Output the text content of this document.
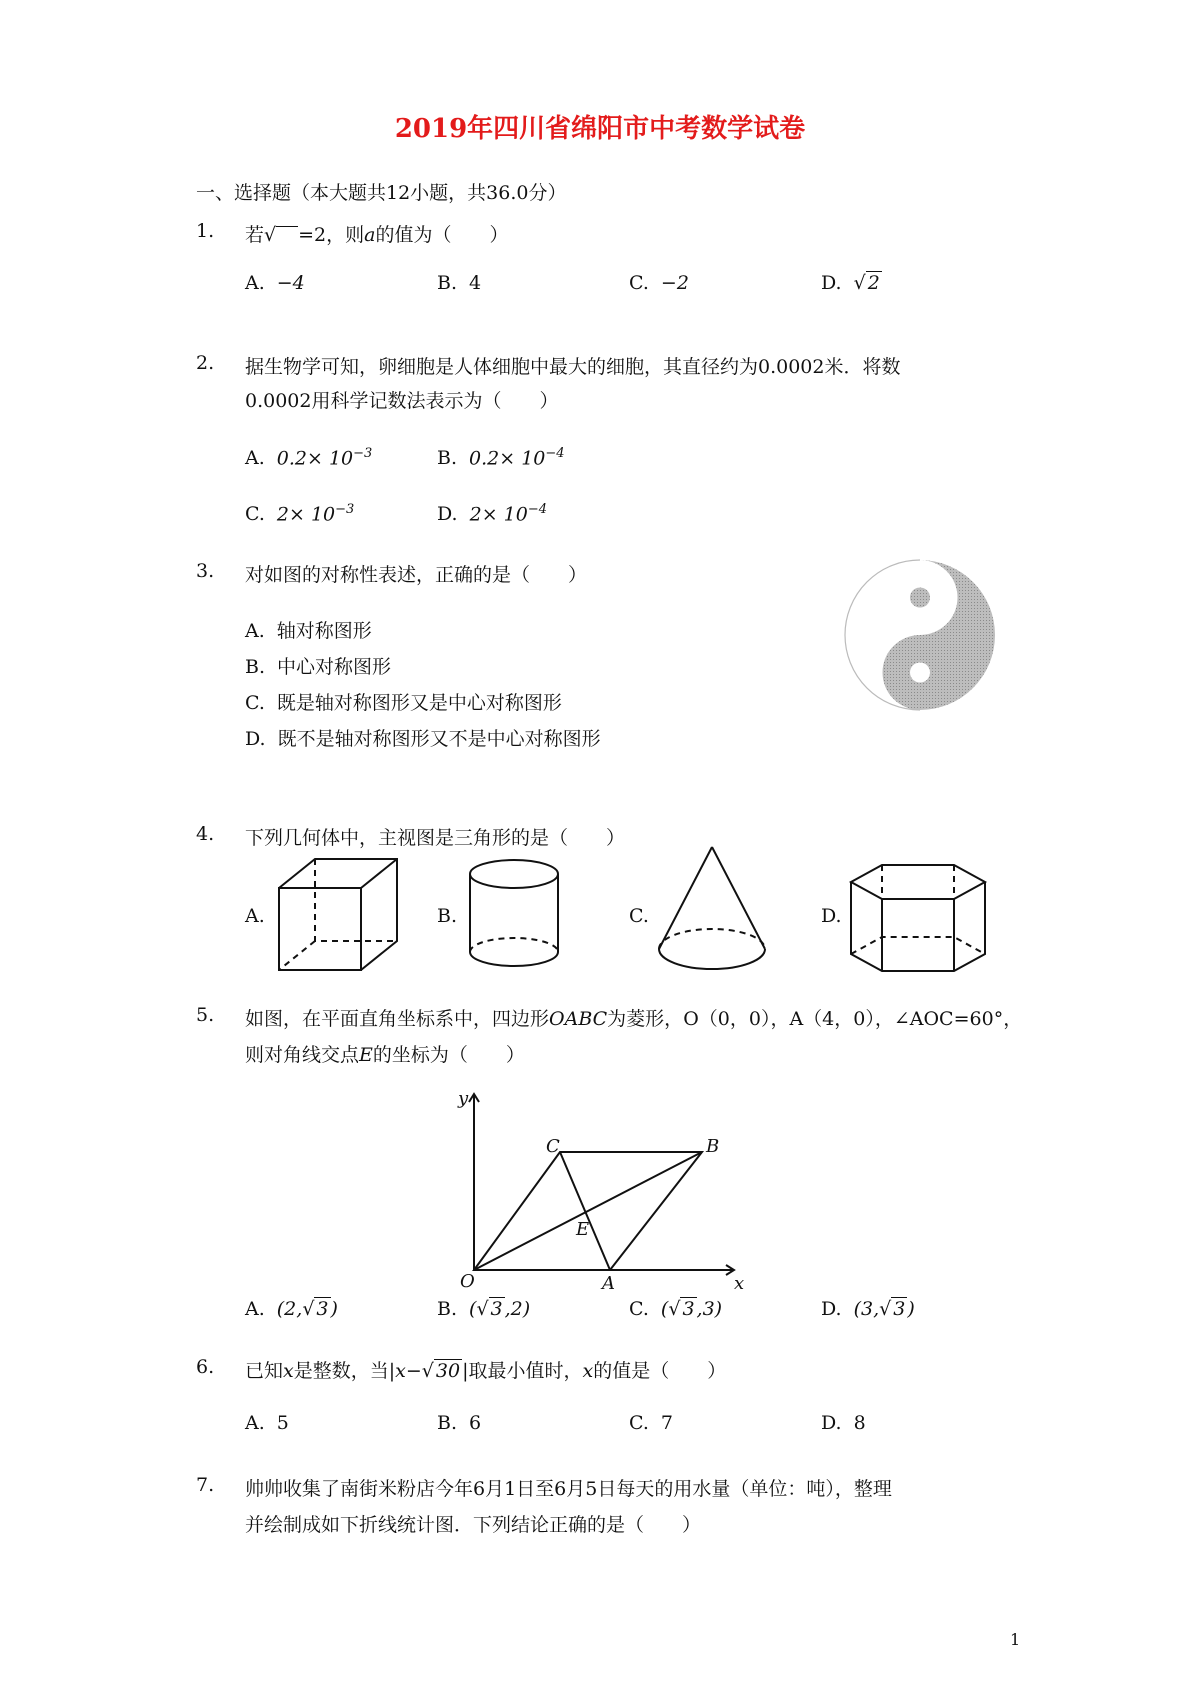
2019年四川省绵阳市中考数学试卷
一、选择题（本大题共12小题，共36.0分）
1.	若√ =2，则a的值为（　　）
A. −4	B. 4	C. −2	D. √ 2
2.	据生物学可知，卵细胞是人体细胞中最大的细胞，其直径约为0.0002米．将数
0.0002用科学记数法表示为（　　）
A. $0.2\times 10^{-3}$	B. $0.2\times 10^{-4}$
C. $2\times 10^{-3}$	D. $2\times 10^{-4}$
3.	对如图的对称性表述，正确的是（　　）
A. 轴对称图形
B. 中心对称图形
C. 既是轴对称图形又是中心对称图形
D. 既不是轴对称图形又不是中心对称图形
4.	下列几何体中，主视图是三角形的是（　　）
A.	B.	C.	D.
5.	如图，在平面直角坐标系中，四边形OABC为菱形，O（0，0），A（4，0），∠AOC=60°，
则对角线交点E的坐标为（　　）
y
x
O	A
B
C
E
A. (2,√ 3 )	B. (√ 3 ,2)	C. (√ 3 ,3)	D. (3,√ 3 )
6.	已知x是整数，当|x−√ 30 |取最小值时，x的值是（　　）
A. 5	B. 6	C. 7	D. 8
7.	帅帅收集了南街米粉店今年6月1日至6月5日每天的用水量（单位：吨），整理
并绘制成如下折线统计图．下列结论正确的是（　　）
1
